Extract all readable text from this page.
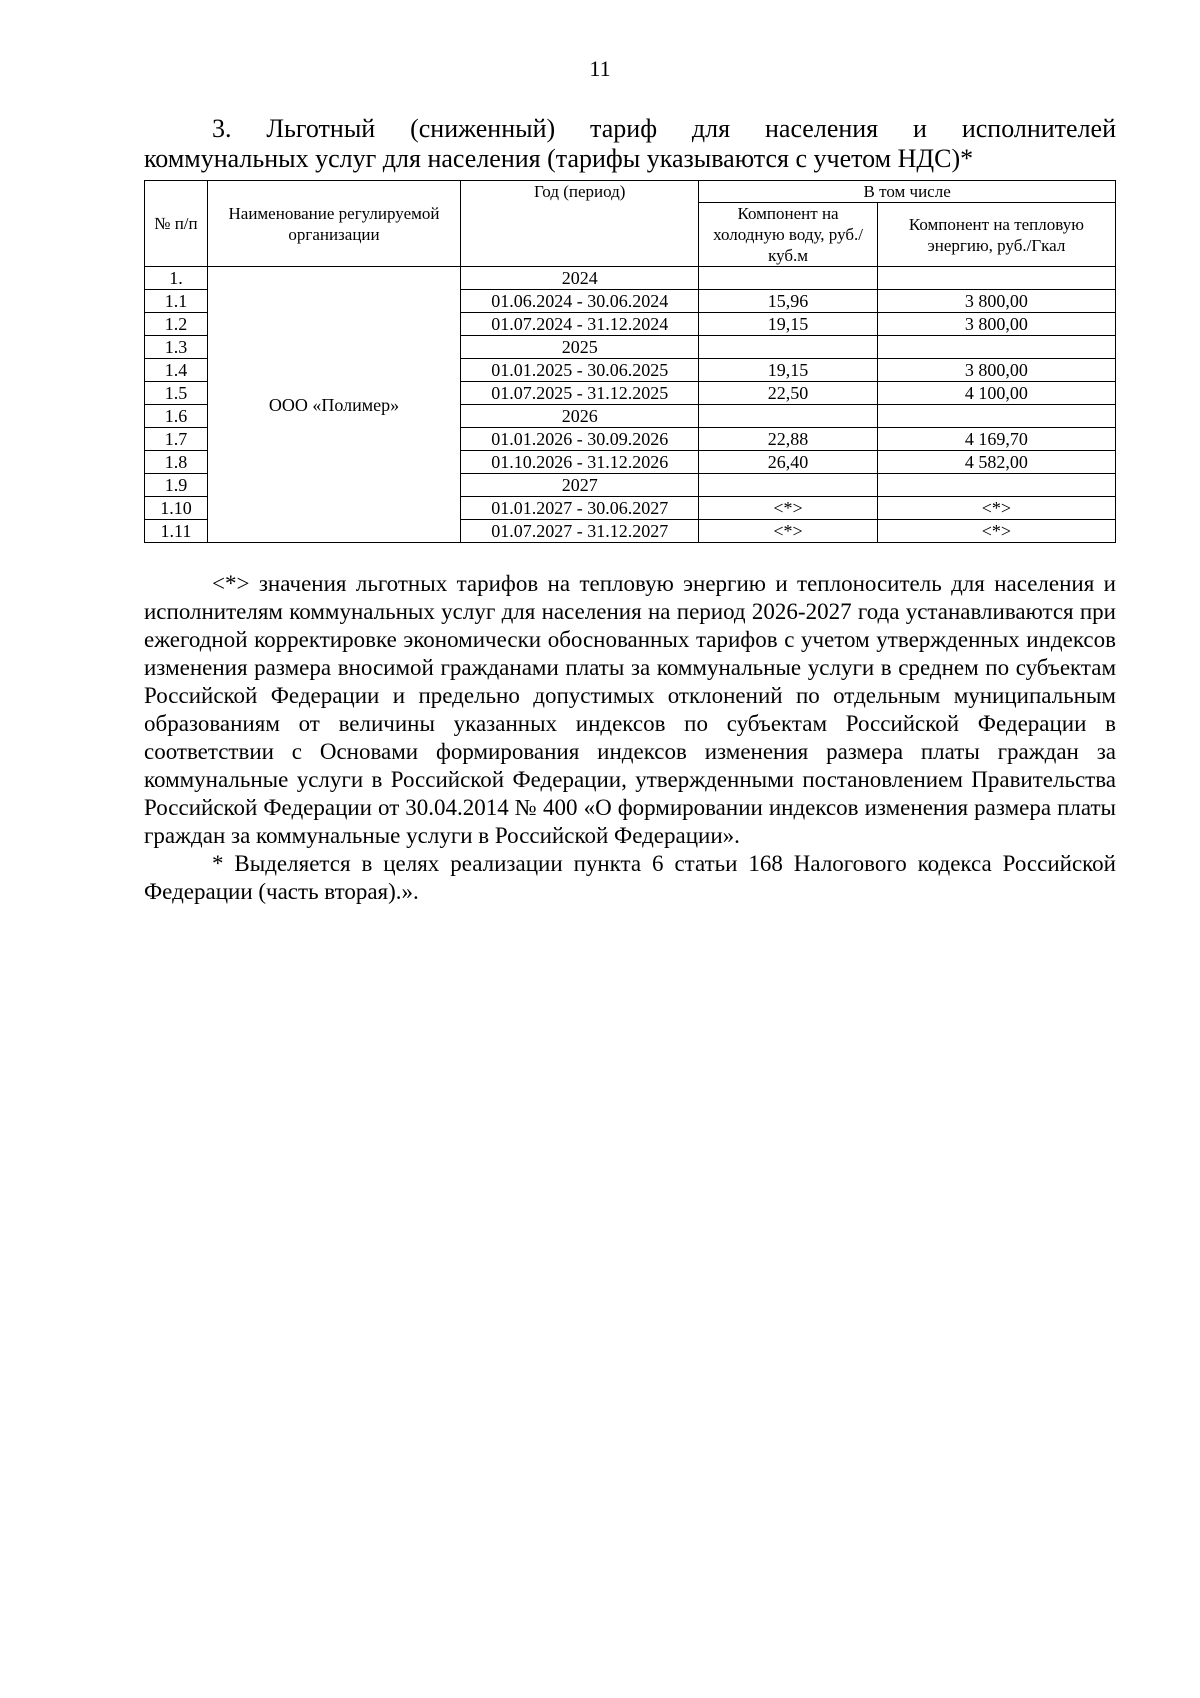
11
3. Льготный (сниженный) тариф для населения и исполнителей
коммунальных услуг для населения (тарифы указываются с учетом НДС)*
№ п/п	Наименование регулируемой организации	Год (период)	В том числе	
			Компонент на холодную воду, руб./куб.м	Компонент на тепловую энергию, руб./Гкал
1.	ООО «Полимер»	2024		
1.1		01.06.2024 - 30.06.2024	15,96	3 800,00
1.2		01.07.2024 - 31.12.2024	19,15	3 800,00
1.3		2025		
1.4		01.01.2025 - 30.06.2025	19,15	3 800,00
1.5		01.07.2025 - 31.12.2025	22,50	4 100,00
1.6		2026		
1.7		01.01.2026 - 30.09.2026	22,88	4 169,70
1.8		01.10.2026 - 31.12.2026	26,40	4 582,00
1.9		2027		
1.10		01.01.2027 - 30.06.2027	<*>	<*>
1.11		01.07.2027 - 31.12.2027	<*>	<*>

<*> значения льготных тарифов на тепловую энергию и теплоноситель для населения и исполнителям коммунальных услуг для населения на период 2026-2027 года устанавливаются при ежегодной корректировке экономически обоснованных тарифов с учетом утвержденных индексов изменения размера вносимой гражданами платы за коммунальные услуги в среднем по субъектам Российской Федерации и предельно допустимых отклонений по отдельным муниципальным образованиям от величины указанных индексов по субъектам Российской Федерации в соответствии с Основами формирования индексов изменения размера платы граждан за коммунальные услуги в Российской Федерации, утвержденными постановлением Правительства Российской Федерации от 30.04.2014 № 400 «О формировании индексов изменения размера платы граждан за коммунальные услуги в Российской Федерации».

* Выделяется в целях реализации пункта 6 статьи 168 Налогового кодекса Российской Федерации (часть вторая).».
